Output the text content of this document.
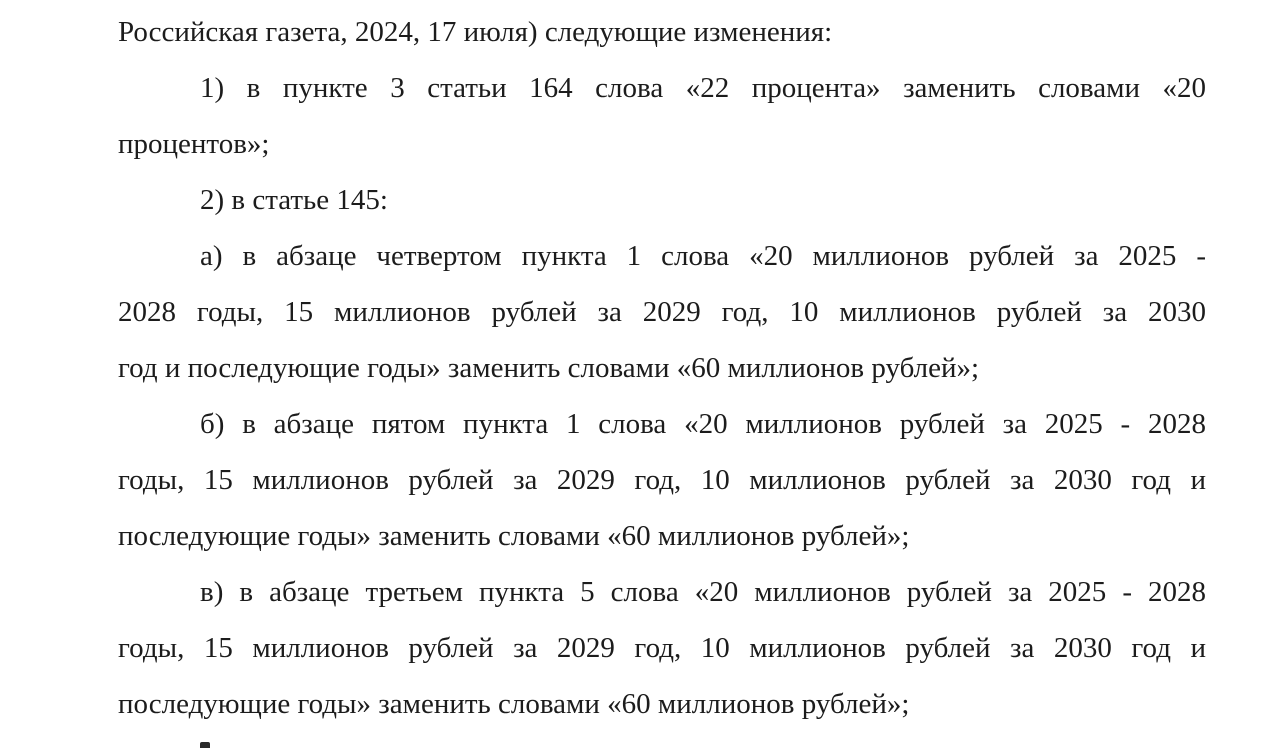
Российская газета, 2024, 17 июля) следующие изменения:
1) в пункте 3 статьи 164 слова «22 процента» заменить словами «20
процентов»;
2) в статье 145:
а) в абзаце четвертом пункта 1 слова «20 миллионов рублей за 2025 -
2028 годы, 15 миллионов рублей за 2029 год, 10 миллионов рублей за 2030
год и последующие годы» заменить словами «60 миллионов рублей»;
б) в абзаце пятом пункта 1 слова «20 миллионов рублей за 2025 - 2028
годы, 15 миллионов рублей за 2029 год, 10 миллионов рублей за 2030 год и
последующие годы» заменить словами «60 миллионов рублей»;
в) в абзаце третьем пункта 5 слова «20 миллионов рублей за 2025 - 2028
годы, 15 миллионов рублей за 2029 год, 10 миллионов рублей за 2030 год и
последующие годы» заменить словами «60 миллионов рублей»;
